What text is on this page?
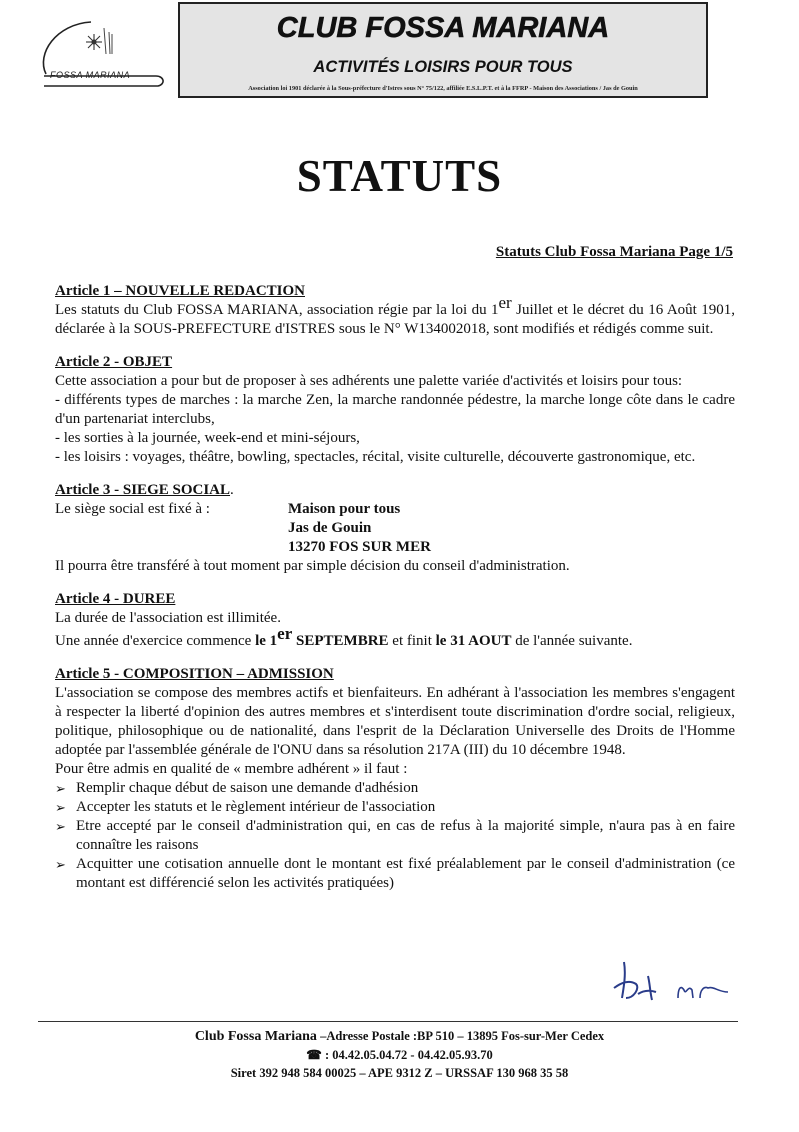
FOSSA MARIANA
CLUB FOSSA MARIANA
ACTIVITÉS LOISIRS POUR TOUS
Association loi 1901 déclarée à la Sous-préfecture d'Istres sous N° 75/122, affiliée E.S.L.P.T. et à la FFRP - Maison des Associations / Jas de Gouin
STATUTS
Statuts Club Fossa Mariana Page 1/5
Article 1 – NOUVELLE REDACTION
Les statuts du Club FOSSA MARIANA, association régie par la loi du 1er Juillet et le décret du 16 Août 1901, déclarée à la SOUS-PREFECTURE d'ISTRES sous le N° W134002018, sont modifiés et rédigés comme suit.
Article 2 - OBJET
Cette association a pour but de proposer à ses adhérents une palette variée d'activités et loisirs pour tous:
- différents types de marches : la marche Zen, la marche randonnée pédestre, la marche longe côte dans le cadre d'un partenariat interclubs,
- les sorties à la journée, week-end et mini-séjours,
- les loisirs : voyages, théâtre, bowling, spectacles, récital, visite culturelle, découverte gastronomique, etc.
Article 3 - SIEGE SOCIAL.
Le siège social est fixé à :	Maison pour tous
Jas de Gouin
13270 FOS SUR MER
Il pourra être transféré à tout moment par simple décision du conseil d'administration.
Article 4 - DUREE
La durée de l'association est illimitée.
Une année d'exercice commence le 1er SEPTEMBRE et finit le 31 AOUT de l'année suivante.
Article 5 - COMPOSITION – ADMISSION
L'association se compose des membres actifs et bienfaiteurs. En adhérant à l'association les membres s'engagent à respecter la liberté d'opinion des autres membres et s'interdisent toute discrimination d'ordre social, religieux, politique, philosophique ou de nationalité, dans l'esprit de la Déclaration Universelle des Droits de l'Homme adoptée par l'assemblée générale de l'ONU dans sa résolution 217A (III) du 10 décembre 1948.
Pour être admis en qualité de « membre adhérent » il faut :
➢ Remplir chaque début de saison une demande d'adhésion
➢ Accepter les statuts et le règlement intérieur de l'association
➢ Etre accepté par le conseil d'administration qui, en cas de refus à la majorité simple, n'aura pas à en faire connaître les raisons
➢ Acquitter une cotisation annuelle dont le montant est fixé préalablement par le conseil d'administration (ce montant est différencié selon les activités pratiquées)
Club Fossa Mariana –Adresse Postale :BP 510 – 13895 Fos-sur-Mer Cedex
☎ : 04.42.05.04.72 - 04.42.05.93.70
Siret 392 948 584 00025 – APE 9312 Z – URSSAF 130 968 35 58
